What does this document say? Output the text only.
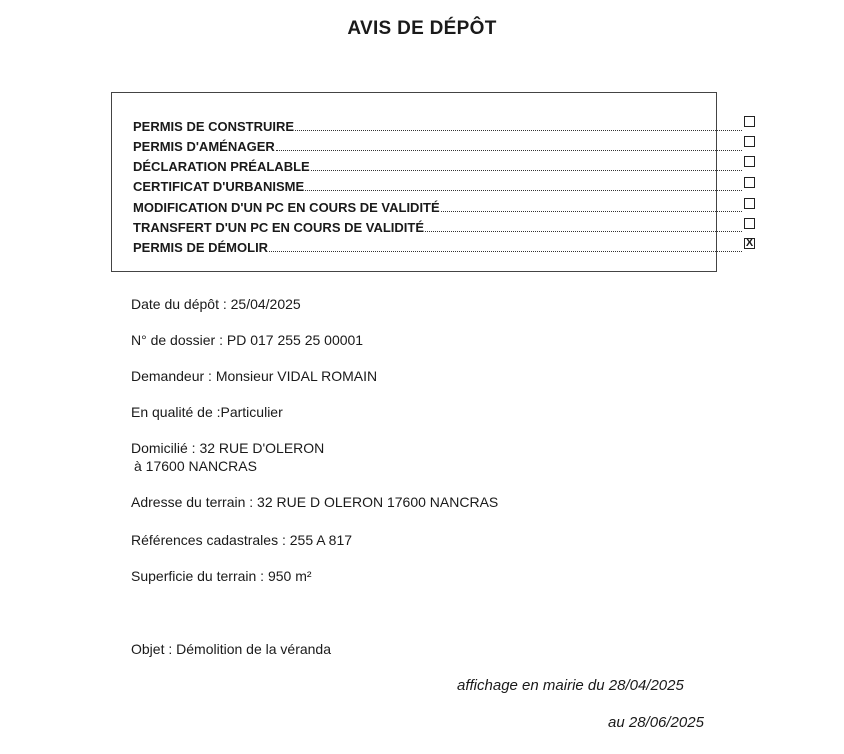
AVIS DE DÉPÔT
PERMIS DE CONSTRUIRE
PERMIS D'AMÉNAGER
DÉCLARATION PRÉALABLE
CERTIFICAT D'URBANISME
MODIFICATION D'UN PC EN COURS DE VALIDITÉ
TRANSFERT D'UN PC EN COURS DE VALIDITÉ
PERMIS DE DÉMOLIR	X
Date du dépôt : 25/04/2025
N° de dossier : PD 017 255 25 00001
Demandeur : Monsieur VIDAL ROMAIN
En qualité de :Particulier
Domicilié : 32 RUE D'OLERON
à 17600 NANCRAS
Adresse du terrain : 32 RUE D OLERON 17600 NANCRAS
Références cadastrales : 255 A 817
Superficie du terrain : 950 m²
Objet : Démolition de la véranda
affichage en mairie du 28/04/2025
au 28/06/2025
